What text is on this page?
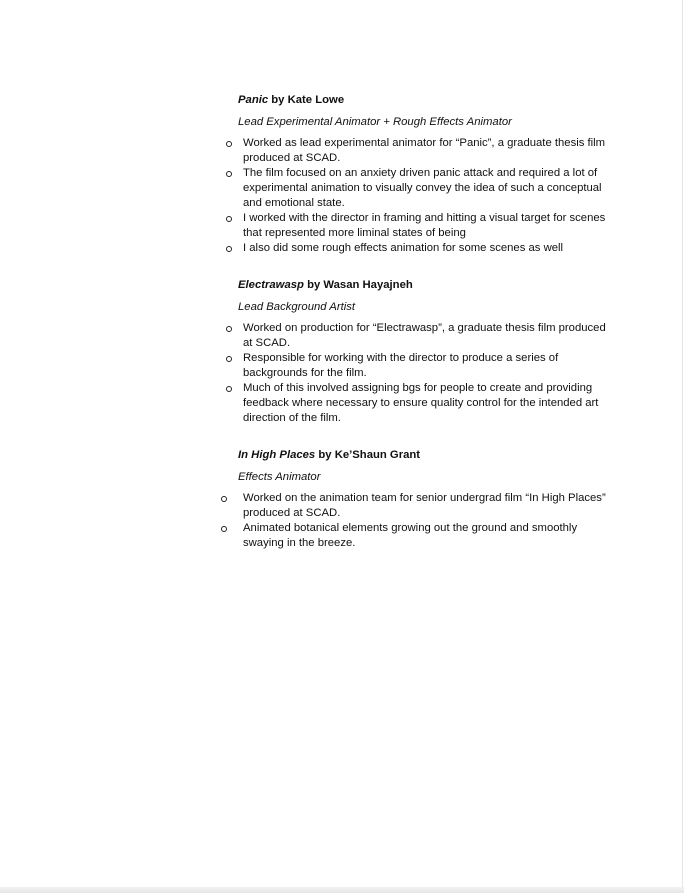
Panic by Kate Lowe

Lead Experimental Animator + Rough Effects Animator

Worked as lead experimental animator for “Panic”, a graduate thesis film produced at SCAD.
The film focused on an anxiety driven panic attack and required a lot of experimental animation to visually convey the idea of such a conceptual and emotional state.
I worked with the director in framing and hitting a visual target for scenes that represented more liminal states of being
I also did some rough effects animation for some scenes as well

Electrawasp by Wasan Hayajneh

Lead Background Artist

Worked on production for “Electrawasp”, a graduate thesis film produced at SCAD.
Responsible for working with the director to produce a series of backgrounds for the film.
Much of this involved assigning bgs for people to create and providing feedback where necessary to ensure quality control for the intended art direction of the film.

In High Places by Ke’Shaun Grant

Effects Animator

Worked on the animation team for senior undergrad film “In High Places” produced at SCAD.
Animated botanical elements growing out the ground and smoothly swaying in the breeze.
